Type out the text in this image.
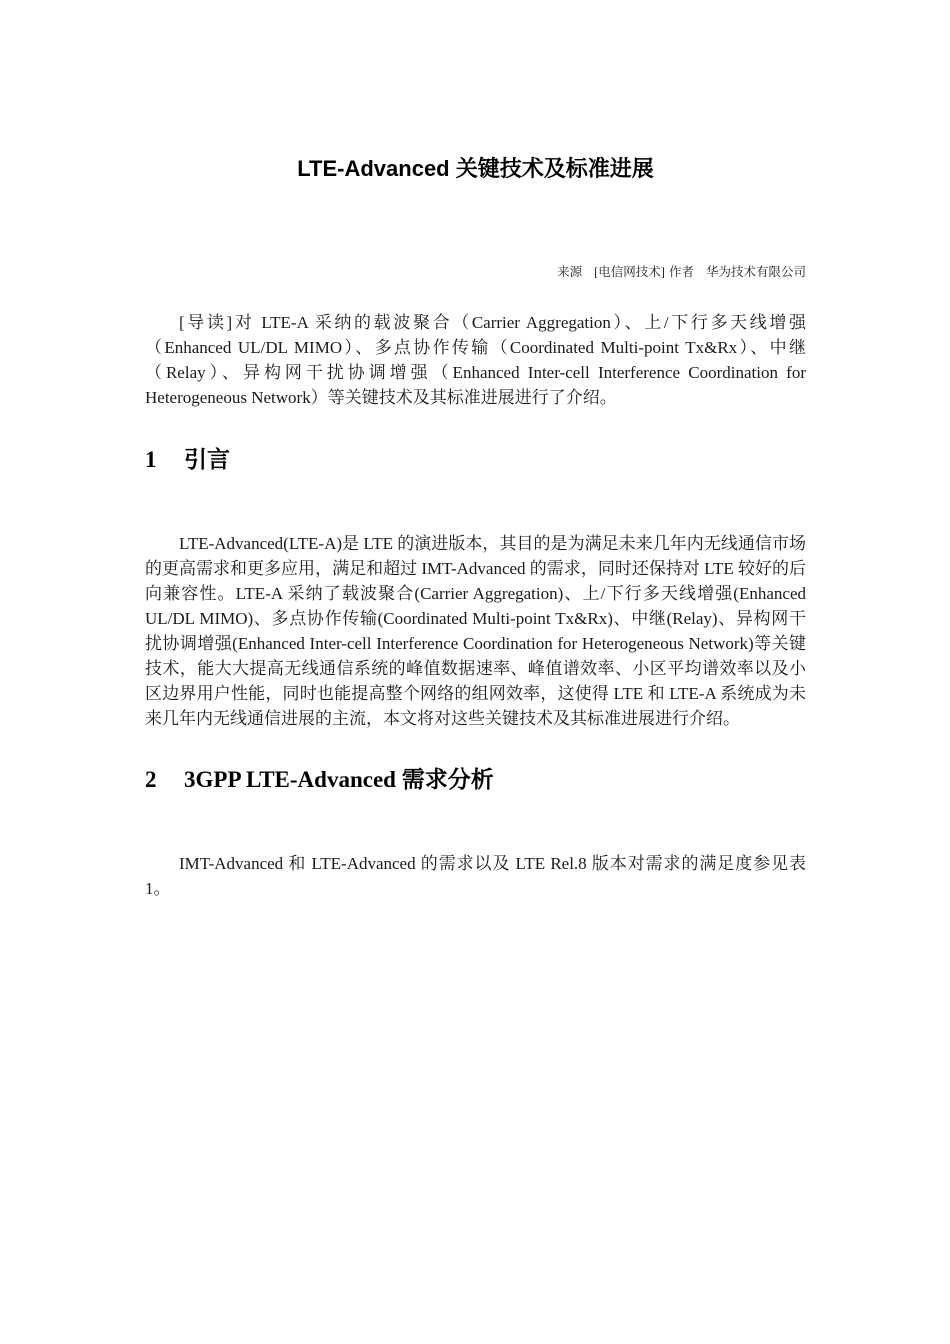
LTE-Advanced 关键技术及标准进展
来源 [电信网技术] 作者 华为技术有限公司

[导读]对 LTE-A 采纳的载波聚合（Carrier Aggregation）、上/下行多天线增强（Enhanced UL/DL MIMO）、多点协作传输（Coordinated Multi-point Tx&Rx）、中继（Relay）、异构网干扰协调增强（Enhanced Inter-cell Interference Coordination for Heterogeneous Network）等关键技术及其标准进展进行了介绍。

1 引言

LTE-Advanced(LTE-A)是 LTE 的演进版本，其目的是为满足未来几年内无线通信市场的更高需求和更多应用，满足和超过 IMT-Advanced 的需求，同时还保持对 LTE 较好的后向兼容性。LTE-A 采纳了载波聚合(Carrier Aggregation)、上/下行多天线增强(Enhanced UL/DL MIMO)、多点协作传输(Coordinated Multi-point Tx&Rx)、中继(Relay)、异构网干扰协调增强(Enhanced Inter-cell Interference Coordination for Heterogeneous Network)等关键技术，能大大提高无线通信系统的峰值数据速率、峰值谱效率、小区平均谱效率以及小区边界用户性能，同时也能提高整个网络的组网效率，这使得 LTE 和 LTE-A 系统成为未来几年内无线通信进展的主流，本文将对这些关键技术及其标准进展进行介绍。

2 3GPP LTE-Advanced 需求分析

IMT-Advanced 和 LTE-Advanced 的需求以及 LTE Rel.8 版本对需求的满足度参见表 1。
